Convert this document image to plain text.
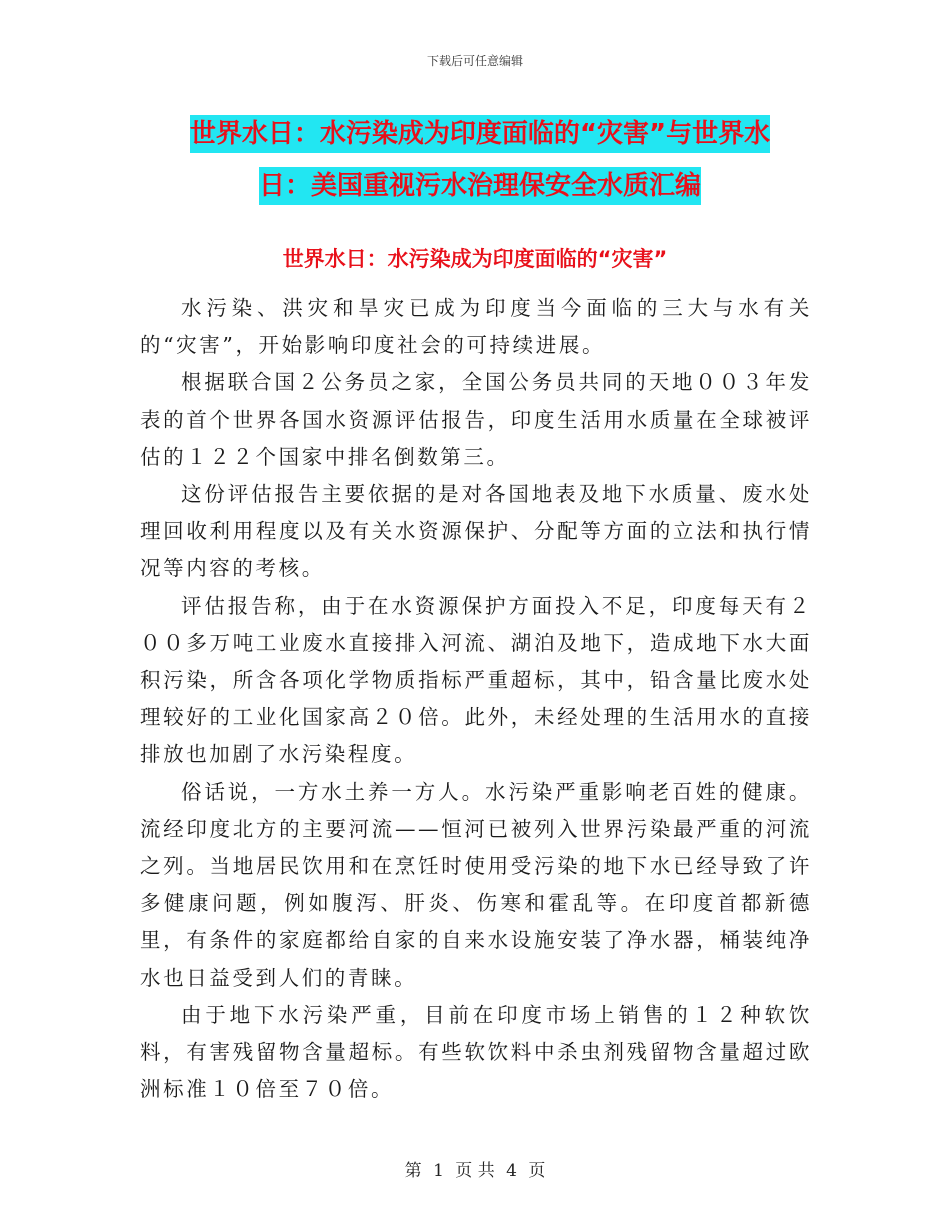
下载后可任意编辑
世界水日：水污染成为印度面临的“灾害”与世界水
日：美国重视污水治理保安全水质汇编
世界水日：水污染成为印度面临的“灾害”

水污染、洪灾和旱灾已成为印度当今面临的三大与水有关的“灾害”，开始影响印度社会的可持续进展。

根据联合国２公务员之家，全国公务员共同的天地００３年发表的首个世界各国水资源评估报告，印度生活用水质量在全球被评估的１２２个国家中排名倒数第三。

这份评估报告主要依据的是对各国地表及地下水质量、废水处理回收利用程度以及有关水资源保护、分配等方面的立法和执行情况等内容的考核。

评估报告称，由于在水资源保护方面投入不足，印度每天有２００多万吨工业废水直接排入河流、湖泊及地下，造成地下水大面积污染，所含各项化学物质指标严重超标，其中，铅含量比废水处理较好的工业化国家高２０倍。此外，未经处理的生活用水的直接排放也加剧了水污染程度。

俗话说，一方水土养一方人。水污染严重影响老百姓的健康。流经印度北方的主要河流——恒河已被列入世界污染最严重的河流之列。当地居民饮用和在烹饪时使用受污染的地下水已经导致了许多健康问题，例如腹泻、肝炎、伤寒和霍乱等。在印度首都新德里，有条件的家庭都给自家的自来水设施安装了净水器，桶装纯净水也日益受到人们的青睐。

由于地下水污染严重，目前在印度市场上销售的１２种软饮料，有害残留物含量超标。有些软饮料中杀虫剂残留物含量超过欧洲标准１０倍至７０倍。

第 1 页 共 4 页
